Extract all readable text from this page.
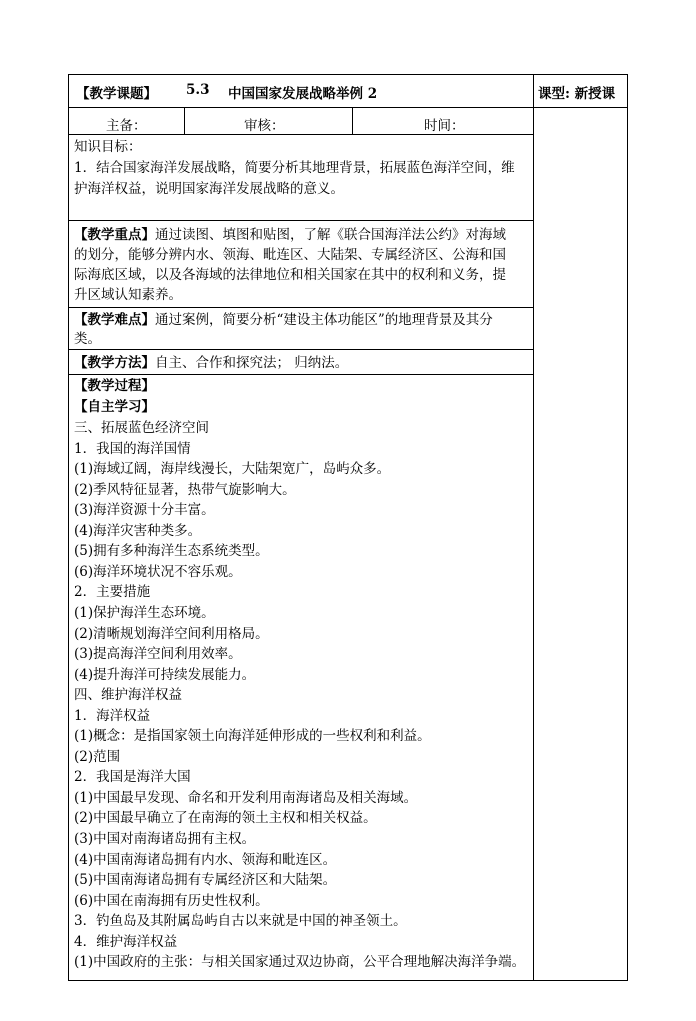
【教学课题】 5.3 中国国家发展战略举例 2	课型: 新授课
主备：	审核：	时间：
知识目标：
1．结合国家海洋发展战略，简要分析其地理背景，拓展蓝色海洋空间，维
护海洋权益，说明国家海洋发展战略的意义。
【教学重点】通过读图、填图和贴图，了解《联合国海洋法公约》对海域
的划分，能够分辨内水、领海、毗连区、大陆架、专属经济区、公海和国
际海底区域，以及各海域的法律地位和相关国家在其中的权利和义务，提
升区域认知素养。
【教学难点】通过案例，简要分析“建设主体功能区”的地理背景及其分
类。
【教学方法】自主、合作和探究法； 归纳法。
【教学过程】
【自主学习】
三、拓展蓝色经济空间
1．我国的海洋国情
(1)海域辽阔，海岸线漫长，大陆架宽广，岛屿众多。
(2)季风特征显著，热带气旋影响大。
(3)海洋资源十分丰富。
(4)海洋灾害种类多。
(5)拥有多种海洋生态系统类型。
(6)海洋环境状况不容乐观。
2．主要措施
(1)保护海洋生态环境。
(2)清晰规划海洋空间利用格局。
(3)提高海洋空间利用效率。
(4)提升海洋可持续发展能力。
四、维护海洋权益
1．海洋权益
(1)概念：是指国家领土向海洋延伸形成的一些权利和利益。
(2)范围
2．我国是海洋大国
(1)中国最早发现、命名和开发利用南海诸岛及相关海域。
(2)中国最早确立了在南海的领土主权和相关权益。
(3)中国对南海诸岛拥有主权。
(4)中国南海诸岛拥有内水、领海和毗连区。
(5)中国南海诸岛拥有专属经济区和大陆架。
(6)中国在南海拥有历史性权利。
3．钓鱼岛及其附属岛屿自古以来就是中国的神圣领土。
4．维护海洋权益
(1)中国政府的主张：与相关国家通过双边协商，公平合理地解决海洋争端。
